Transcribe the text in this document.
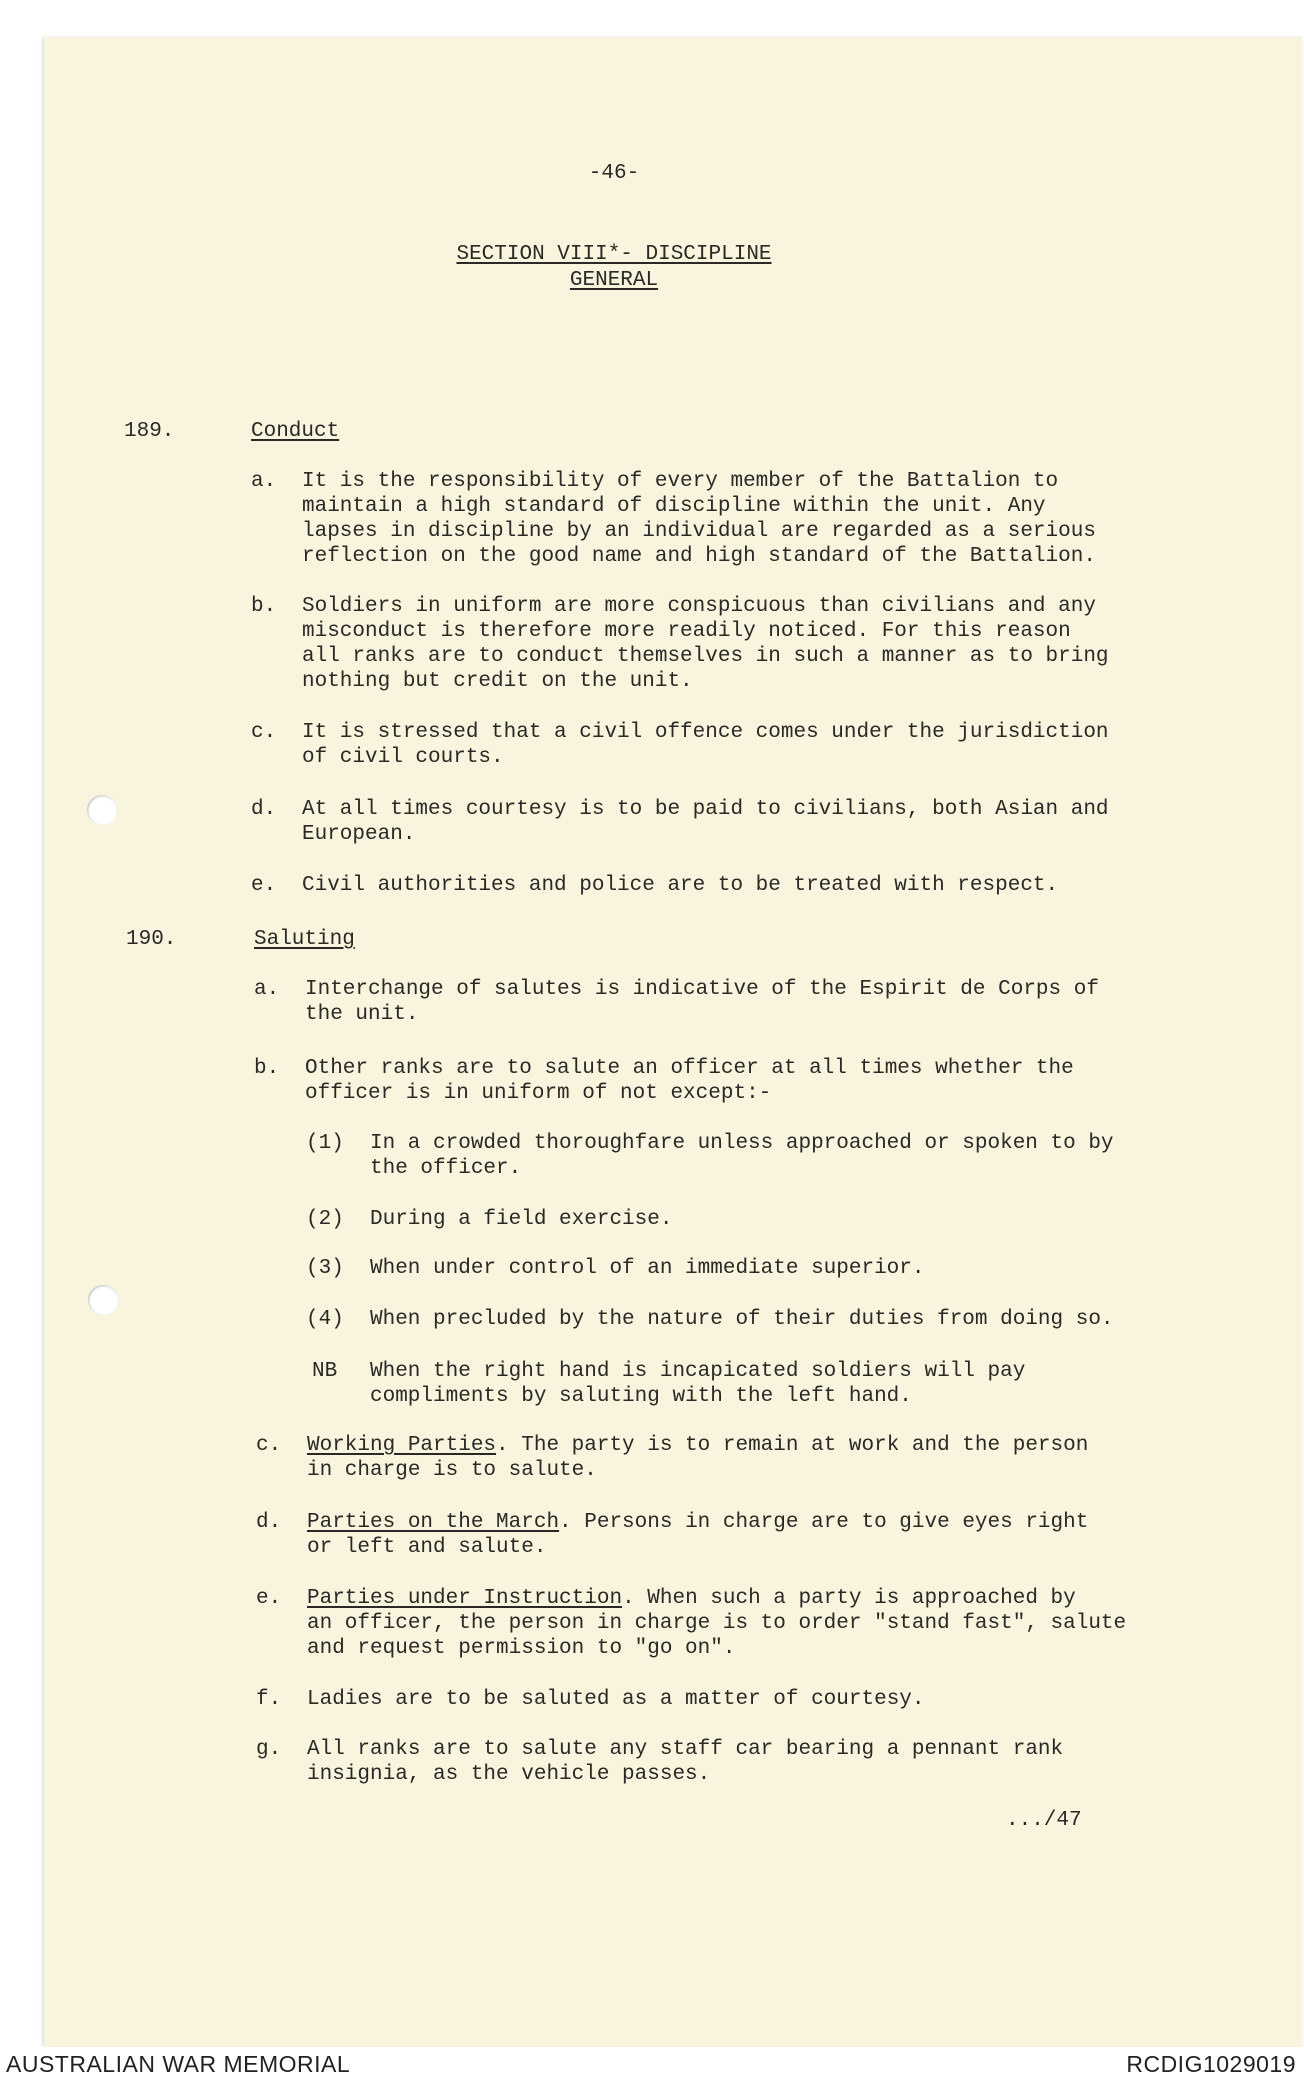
-46-
SECTION VIII*- DISCIPLINE
GENERAL
189.	Conduct
a. It is the responsibility of every member of the Battalion to
maintain a high standard of discipline within the unit. Any
lapses in discipline by an individual are regarded as a serious
reflection on the good name and high standard of the Battalion.
b. Soldiers in uniform are more conspicuous than civilians and any
misconduct is therefore more readily noticed. For this reason
all ranks are to conduct themselves in such a manner as to bring
nothing but credit on the unit.
c. It is stressed that a civil offence comes under the jurisdiction
of civil courts.
d. At all times courtesy is to be paid to civilians, both Asian and
European.
e. Civil authorities and police are to be treated with respect.
190.	Saluting
a. Interchange of salutes is indicative of the Espirit de Corps of
the unit.
b. Other ranks are to salute an officer at all times whether the
officer is in uniform of not except:-
(1) In a crowded thoroughfare unless approached or spoken to by
the officer.
(2) During a field exercise.
(3) When under control of an immediate superior.
(4) When precluded by the nature of their duties from doing so.
NB When the right hand is incapicated soldiers will pay
compliments by saluting with the left hand.
c. Working Parties. The party is to remain at work and the person
in charge is to salute.
d. Parties on the March. Persons in charge are to give eyes right
or left and salute.
e. Parties under Instruction. When such a party is approached by
an officer, the person in charge is to order "stand fast", salute
and request permission to "go on".
f. Ladies are to be saluted as a matter of courtesy.
g. All ranks are to salute any staff car bearing a pennant rank
insignia, as the vehicle passes.
.../47
AUSTRALIAN WAR MEMORIAL	RCDIG1029019
